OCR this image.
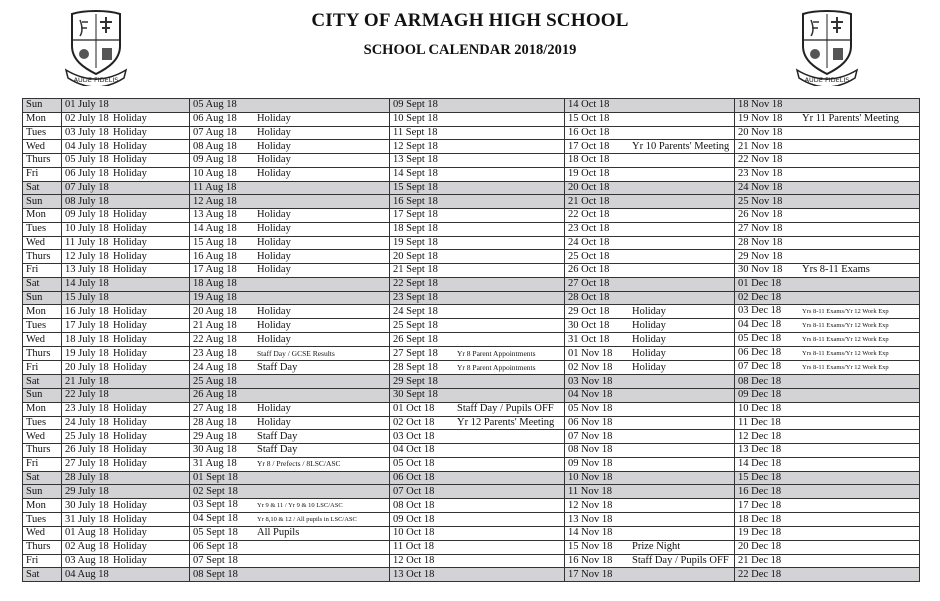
AUDE FIDELIS	AUDE FIDELIS
CITY OF ARMAGH HIGH SCHOOL
SCHOOL CALENDAR 2018/2019
Sun	01 July 18	05 Aug 18	09 Sept 18	14 Oct 18	18 Nov 18
Mon	02 July 18 Holiday	06 Aug 18 Holiday	10 Sept 18	15 Oct 18	19 Nov 18 Yr 11 Parents' Meeting
Tues	03 July 18 Holiday	07 Aug 18 Holiday	11 Sept 18	16 Oct 18	20 Nov 18
Wed	04 July 18 Holiday	08 Aug 18 Holiday	12 Sept 18	17 Oct 18 Yr 10 Parents' Meeting	21 Nov 18
Thurs	05 July 18 Holiday	09 Aug 18 Holiday	13 Sept 18	18 Oct 18	22 Nov 18
Fri	06 July 18 Holiday	10 Aug 18 Holiday	14 Sept 18	19 Oct 18	23 Nov 18
Sat	07 July 18	11 Aug 18	15 Sept 18	20 Oct 18	24 Nov 18
Sun	08 July 18	12 Aug 18	16 Sept 18	21 Oct 18	25 Nov 18
Mon	09 July 18 Holiday	13 Aug 18 Holiday	17 Sept 18	22 Oct 18	26 Nov 18
Tues	10 July 18 Holiday	14 Aug 18 Holiday	18 Sept 18	23 Oct 18	27 Nov 18
Wed	11 July 18 Holiday	15 Aug 18 Holiday	19 Sept 18	24 Oct 18	28 Nov 18
Thurs	12 July 18 Holiday	16 Aug 18 Holiday	20 Sept 18	25 Oct 18	29 Nov 18
Fri	13 July 18 Holiday	17 Aug 18 Holiday	21 Sept 18	26 Oct 18	30 Nov 18 Yrs 8-11 Exams
Sat	14 July 18	18 Aug 18	22 Sept 18	27 Oct 18	01 Dec 18
Sun	15 July 18	19 Aug 18	23 Sept 18	28 Oct 18	02 Dec 18
Mon	16 July 18 Holiday	20 Aug 18 Holiday	24 Sept 18	29 Oct 18 Holiday	03 Dec 18 Yrs 8-11 Exams/Yr 12 Work Exp
Tues	17 July 18 Holiday	21 Aug 18 Holiday	25 Sept 18	30 Oct 18 Holiday	04 Dec 18 Yrs 8-11 Exams/Yr 12 Work Exp
Wed	18 July 18 Holiday	22 Aug 18 Holiday	26 Sept 18	31 Oct 18 Holiday	05 Dec 18 Yrs 8-11 Exams/Yr 12 Work Exp
Thurs	19 July 18 Holiday	23 Aug 18 Staff Day / GCSE Results	27 Sept 18 Yr 8 Parent Appointments	01 Nov 18 Holiday	06 Dec 18 Yrs 8-11 Exams/Yr 12 Work Exp
Fri	20 July 18 Holiday	24 Aug 18 Staff Day	28 Sept 18 Yr 8 Parent Appointments	02 Nov 18 Holiday	07 Dec 18 Yrs 8-11 Exams/Yr 12 Work Exp
Sat	21 July 18	25 Aug 18	29 Sept 18	03 Nov 18	08 Dec 18
Sun	22 July 18	26 Aug 18	30 Sept 18	04 Nov 18	09 Dec 18
Mon	23 July 18 Holiday	27 Aug 18 Holiday	01 Oct 18 Staff Day / Pupils OFF	05 Nov 18	10 Dec 18
Tues	24 July 18 Holiday	28 Aug 18 Holiday	02 Oct 18 Yr 12 Parents' Meeting	06 Nov 18	11 Dec 18
Wed	25 July 18 Holiday	29 Aug 18 Staff Day	03 Oct 18	07 Nov 18	12 Dec 18
Thurs	26 July 18 Holiday	30 Aug 18 Staff Day	04 Oct 18	08 Nov 18	13 Dec 18
Fri	27 July 18 Holiday	31 Aug 18 Yr 8 / Prefects / 8LSC/ASC	05 Oct 18	09 Nov 18	14 Dec 18
Sat	28 July 18	01 Sept 18	06 Oct 18	10 Nov 18	15 Dec 18
Sun	29 July 18	02 Sept 18	07 Oct 18	11 Nov 18	16 Dec 18
Mon	30 July 18 Holiday	03 Sept 18 Yr 9 & 11 / Yr 9 & 10 LSC/ASC	08 Oct 18	12 Nov 18	17 Dec 18
Tues	31 July 18 Holiday	04 Sept 18 Yr 8,10 & 12 / All pupils in LSC/ASC	09 Oct 18	13 Nov 18	18 Dec 18
Wed	01 Aug 18 Holiday	05 Sept 18 All Pupils	10 Oct 18	14 Nov 18	19 Dec 18
Thurs	02 Aug 18 Holiday	06 Sept 18	11 Oct 18	15 Nov 18 Prize Night	20 Dec 18
Fri	03 Aug 18 Holiday	07 Sept 18	12 Oct 18	16 Nov 18 Staff Day / Pupils OFF	21 Dec 18
Sat	04 Aug 18	08 Sept 18	13 Oct 18	17 Nov 18	22 Dec 18
